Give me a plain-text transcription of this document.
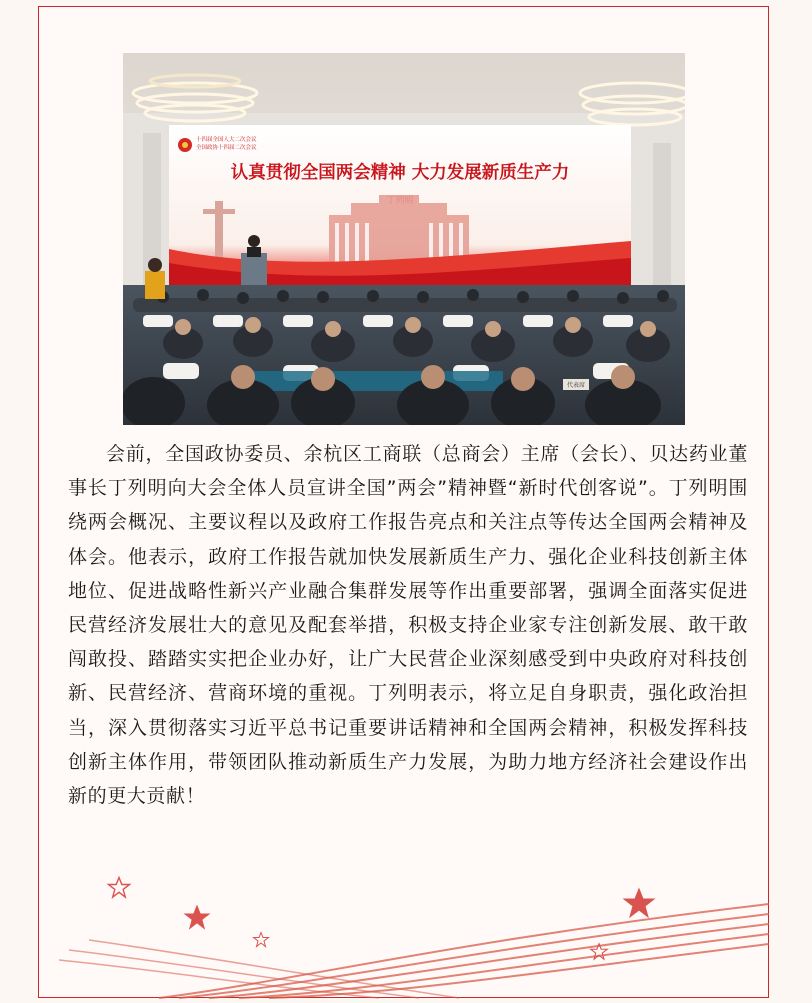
十四届全国人大二次会议
全国政协十四届二次会议
认真贯彻全国两会精神 大力发展新质生产力
代表席

会前，全国政协委员、余杭区工商联（总商会）主席（会长）、贝达药业董事长丁列明向大会全体人员宣讲全国”两会”精神暨“新时代创客说”。丁列明围绕两会概况、主要议程以及政府工作报告亮点和关注点等传达全国两会精神及体会。他表示，政府工作报告就加快发展新质生产力、强化企业科技创新主体地位、促进战略性新兴产业融合集群发展等作出重要部署，强调全面落实促进民营经济发展壮大的意见及配套举措，积极支持企业家专注创新发展、敢干敢闯敢投、踏踏实实把企业办好，让广大民营企业深刻感受到中央政府对科技创新、民营经济、营商环境的重视。丁列明表示，将立足自身职责，强化政治担当，深入贯彻落实习近平总书记重要讲话精神和全国两会精神，积极发挥科技创新主体作用，带领团队推动新质生产力发展，为助力地方经济社会建设作出新的更大贡献！
